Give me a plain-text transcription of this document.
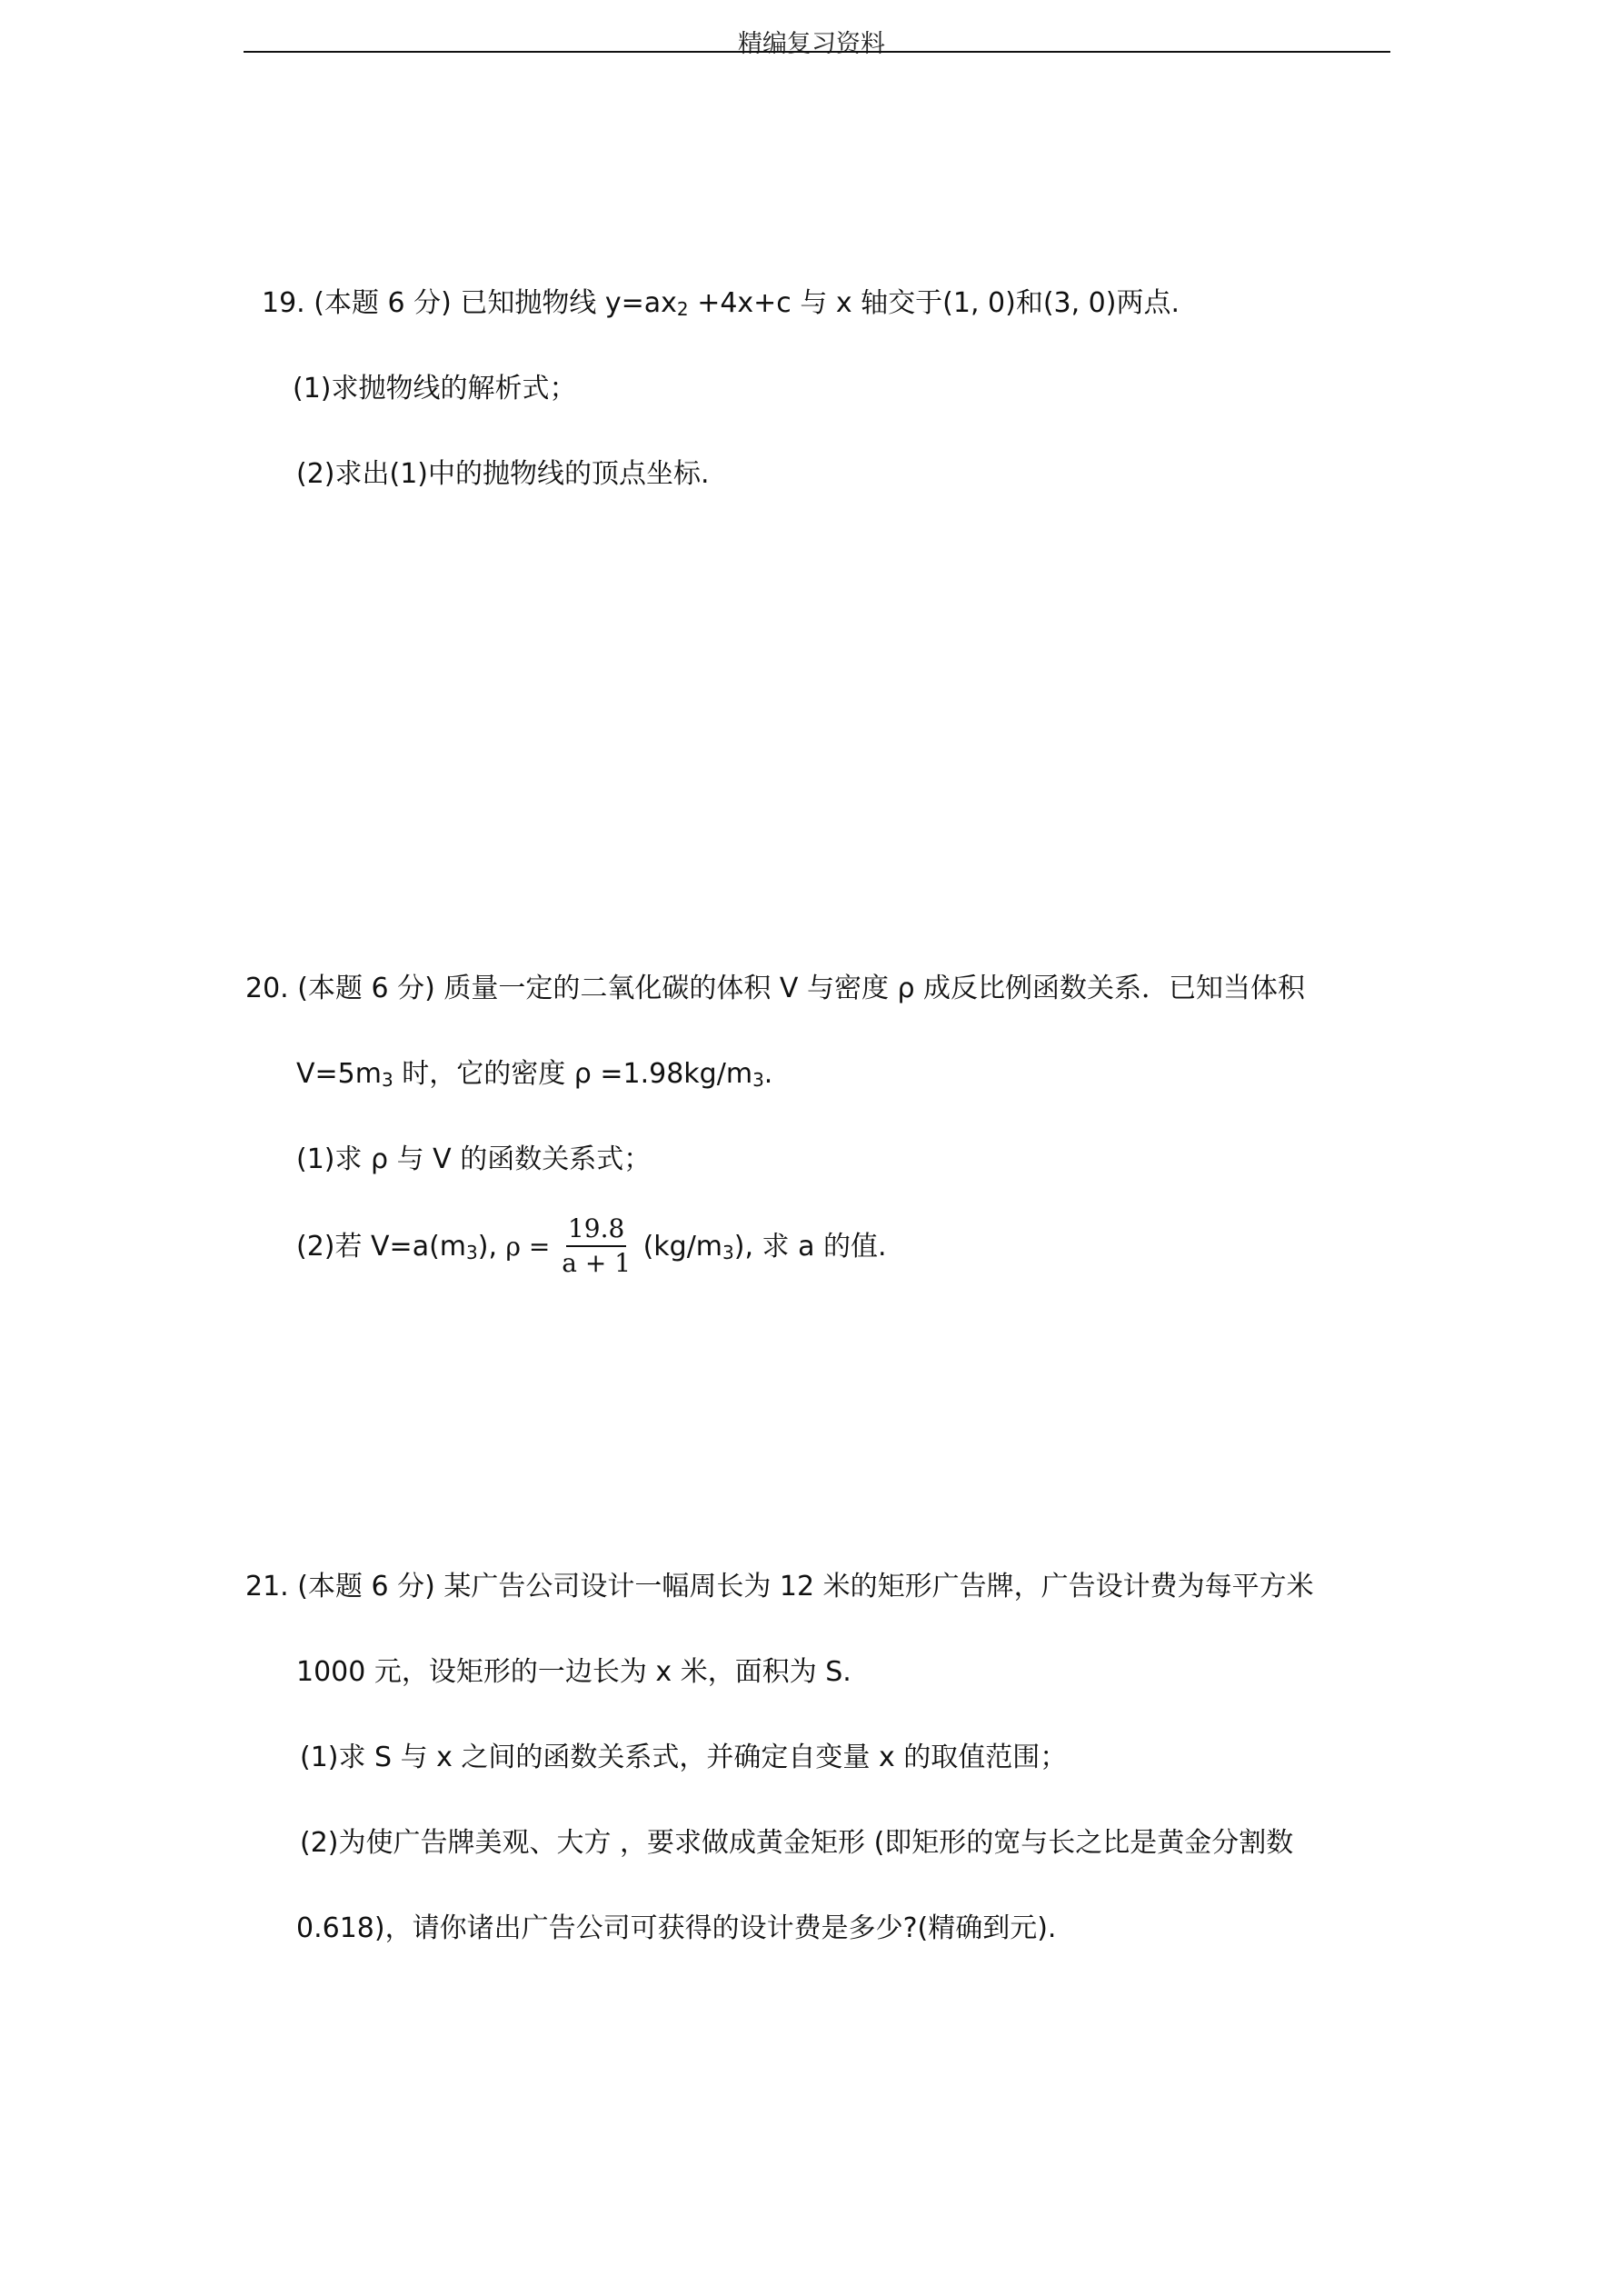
精编复习资料
19. (本题 6 分) 已知抛物线 $y=ax_2 +4x+c$ 与 x 轴交于(1, 0)和(3, 0)两点.
(1)求抛物线的解析式；
(2)求出(1)中的抛物线的顶点坐标.
20. (本题 6 分) 质量一定的二氧化碳的体积 V 与密度 ρ 成反比例函数关系．已知当体积
$V=5m_3$ 时，它的密度 $\rho =1.98kg/m_3$.
(1)求 ρ 与 V 的函数关系式；
(2)若 $V=a(m_3)$, $\rho = \frac{19.8}{a + 1} (kg/m_3)$, 求 a 的值.
21. (本题 6 分) 某广告公司设计一幅周长为 12 米的矩形广告牌，广告设计费为每平方米
1000 元，设矩形的一边长为 x 米，面积为 S.
(1)求 S 与 x 之间的函数关系式，并确定自变量 x 的取值范围；
(2)为使广告牌美观、大方 ，要求做成黄金矩形 (即矩形的宽与长之比是黄金分割数
0.618)，请你诸出广告公司可获得的设计费是多少?(精确到元).
